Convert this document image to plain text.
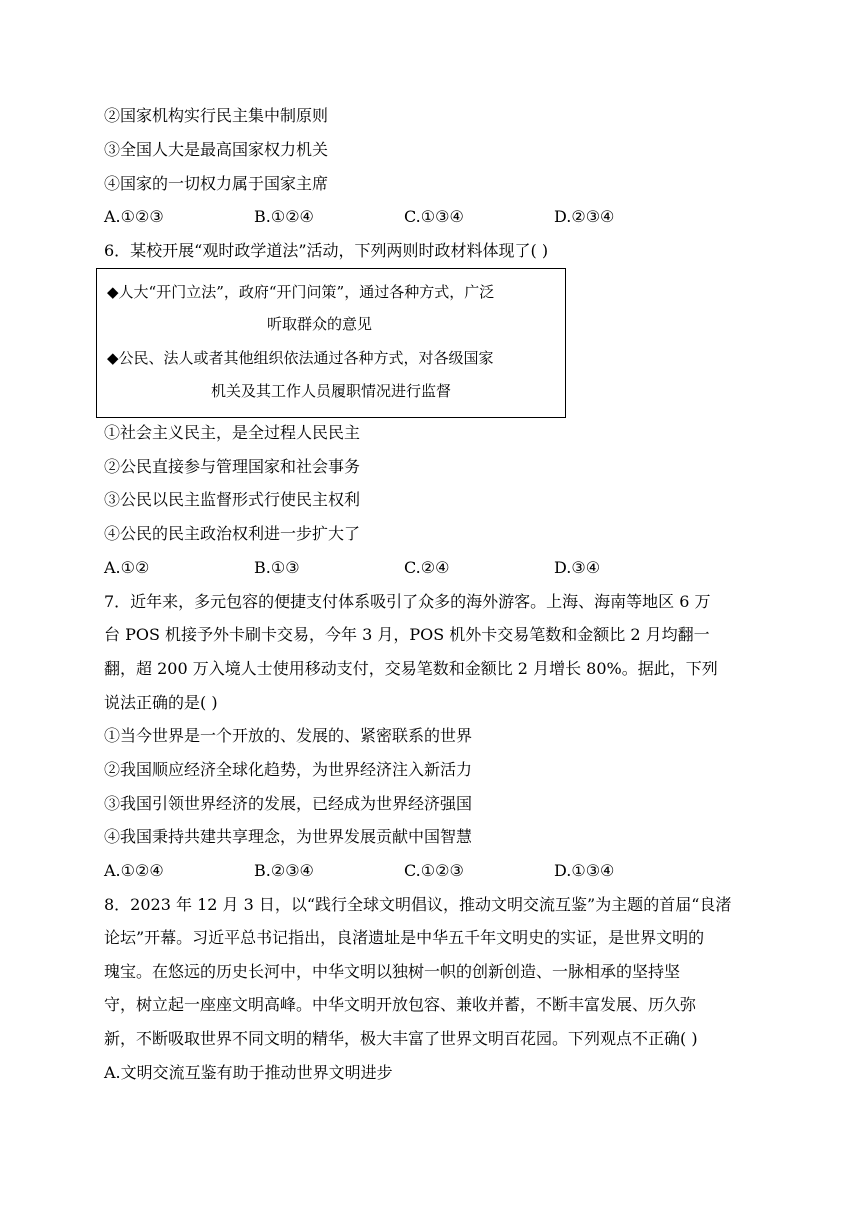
②国家机构实行民主集中制原则
③全国人大是最高国家权力机关
④国家的一切权力属于国家主席
A.①②③	B.①②④	C.①③④	D.②③④
6．某校开展“观时政学道法”活动，下列两则时政材料体现了( )
◆人大“开门立法”，政府“开门问策”，通过各种方式，广泛
听取群众的意见
◆公民、法人或者其他组织依法通过各种方式，对各级国家
机关及其工作人员履职情况进行监督
①社会主义民主，是全过程人民民主
②公民直接参与管理国家和社会事务
③公民以民主监督形式行使民主权利
④公民的民主政治权利进一步扩大了
A.①②	B.①③	C.②④	D.③④
7．近年来，多元包容的便捷支付体系吸引了众多的海外游客。上海、海南等地区 6 万
台 POS 机接予外卡刷卡交易，今年 3 月，POS 机外卡交易笔数和金额比 2 月均翻一
翻，超 200 万入境人士使用移动支付，交易笔数和金额比 2 月增长 80%。据此，下列
说法正确的是( )
①当今世界是一个开放的、发展的、紧密联系的世界
②我国顺应经济全球化趋势，为世界经济注入新活力
③我国引领世界经济的发展，已经成为世界经济强国
④我国秉持共建共享理念，为世界发展贡献中国智慧
A.①②④	B.②③④	C.①②③	D.①③④
8．2023 年 12 月 3 日，以“践行全球文明倡议，推动文明交流互鉴”为主题的首届“良渚
论坛”开幕。习近平总书记指出，良渚遗址是中华五千年文明史的实证，是世界文明的
瑰宝。在悠远的历史长河中，中华文明以独树一帜的创新创造、一脉相承的坚持坚
守，树立起一座座文明高峰。中华文明开放包容、兼收并蓄，不断丰富发展、历久弥
新，不断吸取世界不同文明的精华，极大丰富了世界文明百花园。下列观点不正确( )
A.文明交流互鉴有助于推动世界文明进步
